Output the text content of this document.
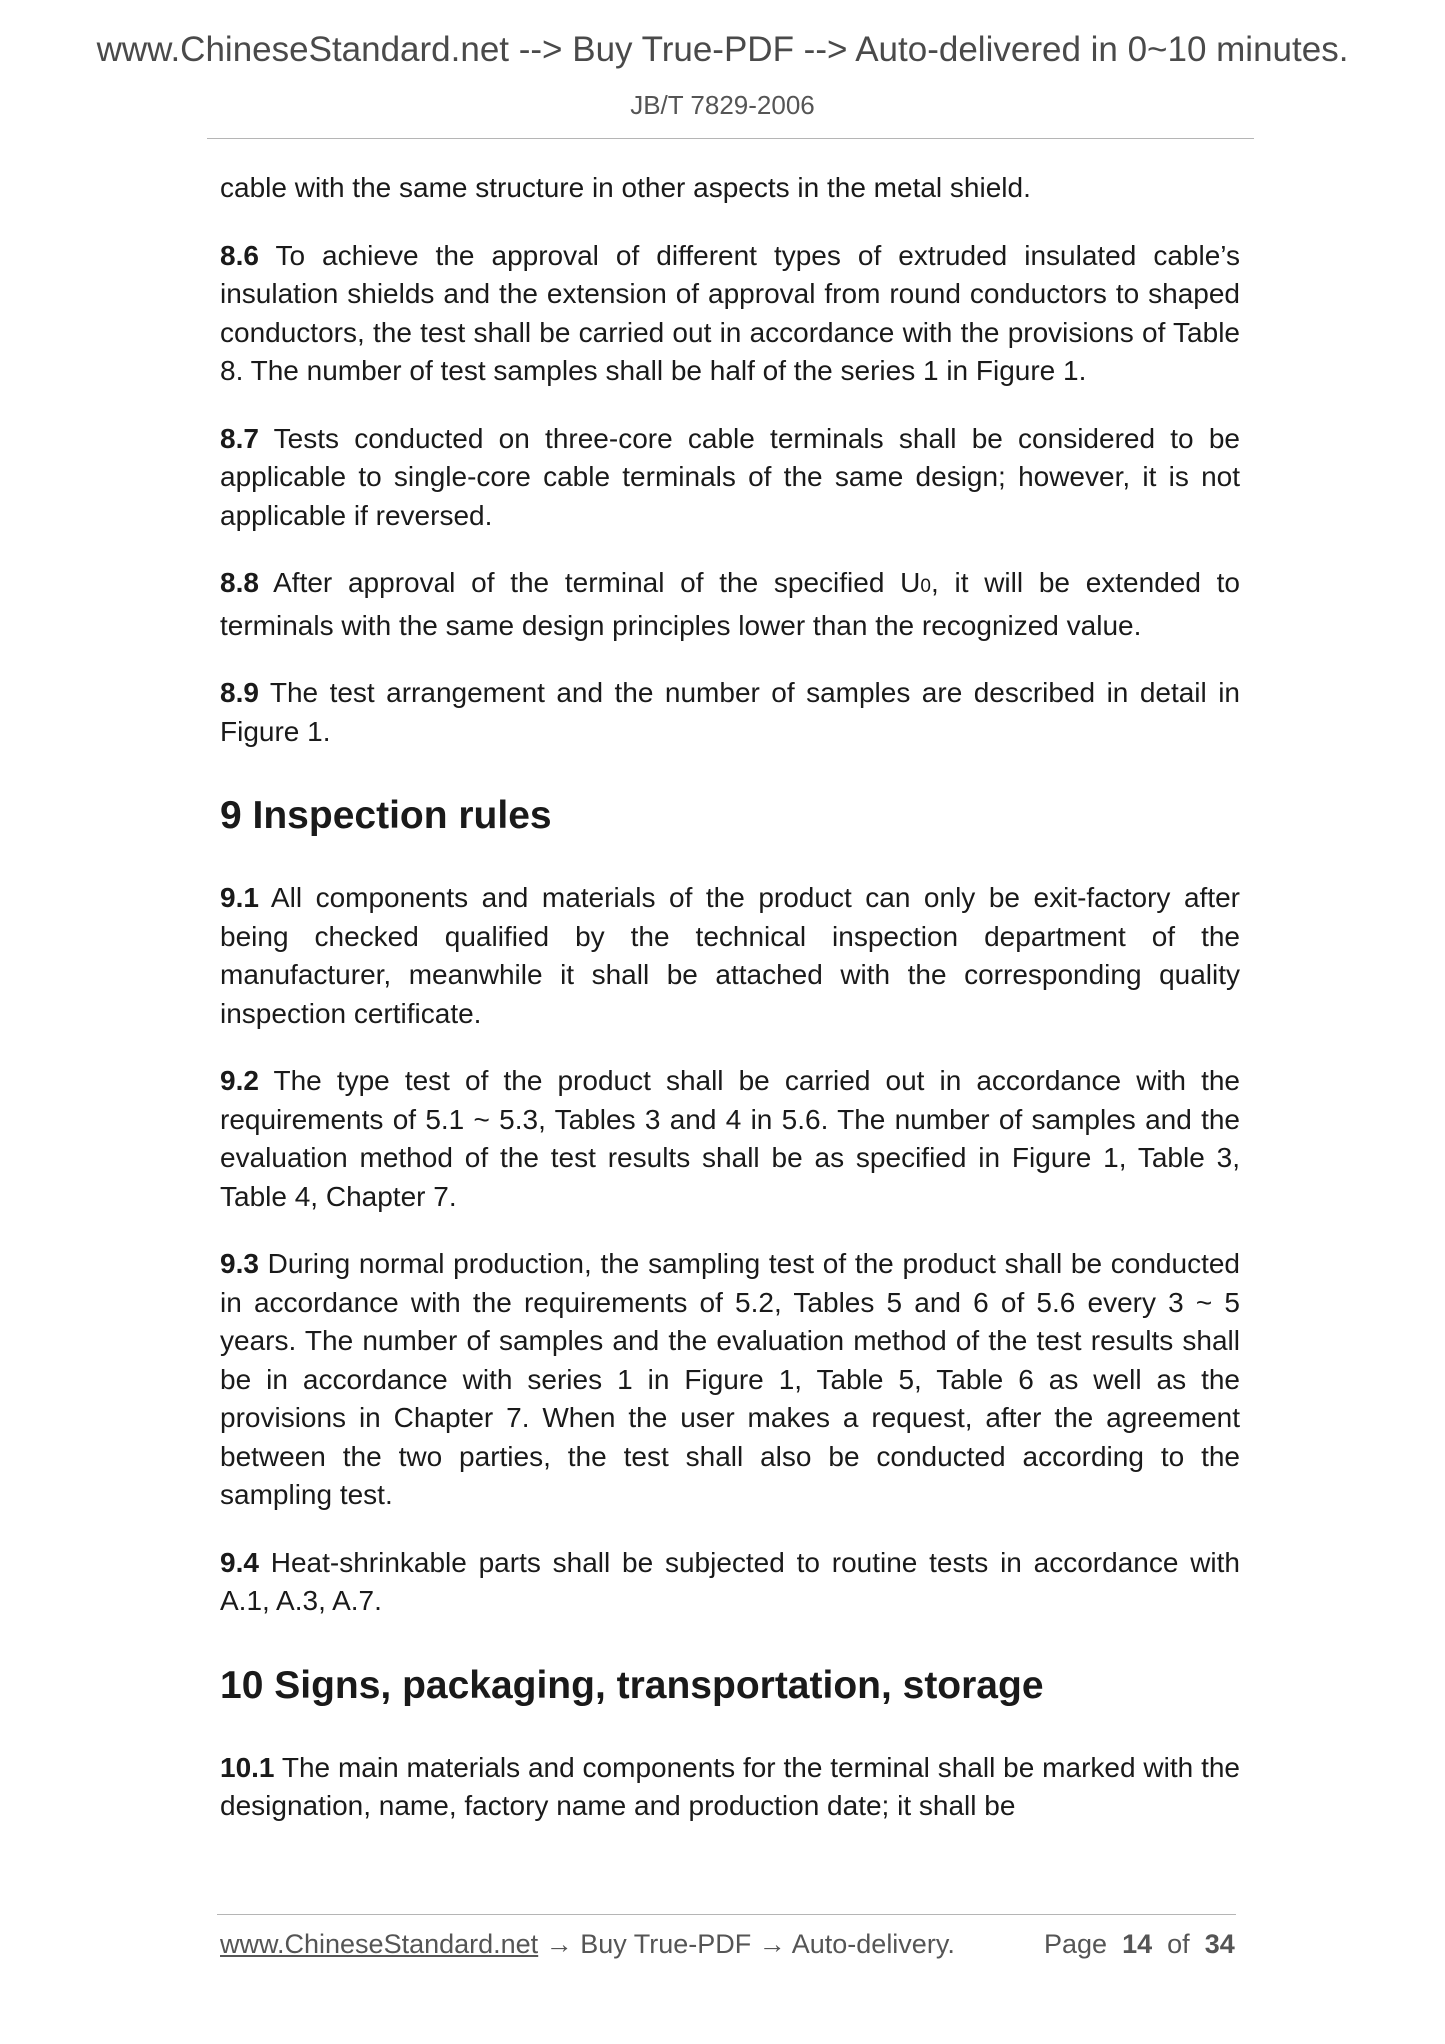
www.ChineseStandard.net --> Buy True-PDF --> Auto-delivered in 0~10 minutes.
JB/T 7829-2006

cable with the same structure in other aspects in the metal shield.

8.6 To achieve the approval of different types of extruded insulated cable’s insulation shields and the extension of approval from round conductors to shaped conductors, the test shall be carried out in accordance with the provisions of Table 8. The number of test samples shall be half of the series 1 in Figure 1.

8.7 Tests conducted on three-core cable terminals shall be considered to be applicable to single-core cable terminals of the same design; however, it is not applicable if reversed.

8.8 After approval of the terminal of the specified U0, it will be extended to terminals with the same design principles lower than the recognized value.

8.9 The test arrangement and the number of samples are described in detail in Figure 1.

9 Inspection rules

9.1 All components and materials of the product can only be exit-factory after being checked qualified by the technical inspection department of the manufacturer, meanwhile it shall be attached with the corresponding quality inspection certificate.

9.2 The type test of the product shall be carried out in accordance with the requirements of 5.1 ~ 5.3, Tables 3 and 4 in 5.6. The number of samples and the evaluation method of the test results shall be as specified in Figure 1, Table 3, Table 4, Chapter 7.

9.3 During normal production, the sampling test of the product shall be conducted in accordance with the requirements of 5.2, Tables 5 and 6 of 5.6 every 3 ~ 5 years. The number of samples and the evaluation method of the test results shall be in accordance with series 1 in Figure 1, Table 5, Table 6 as well as the provisions in Chapter 7. When the user makes a request, after the agreement between the two parties, the test shall also be conducted according to the sampling test.

9.4 Heat-shrinkable parts shall be subjected to routine tests in accordance with A.1, A.3, A.7.

10 Signs, packaging, transportation, storage

10.1 The main materials and components for the terminal shall be marked with the designation, name, factory name and production date; it shall be

www.ChineseStandard.net → Buy True-PDF → Auto-delivery.	Page 14 of 34
